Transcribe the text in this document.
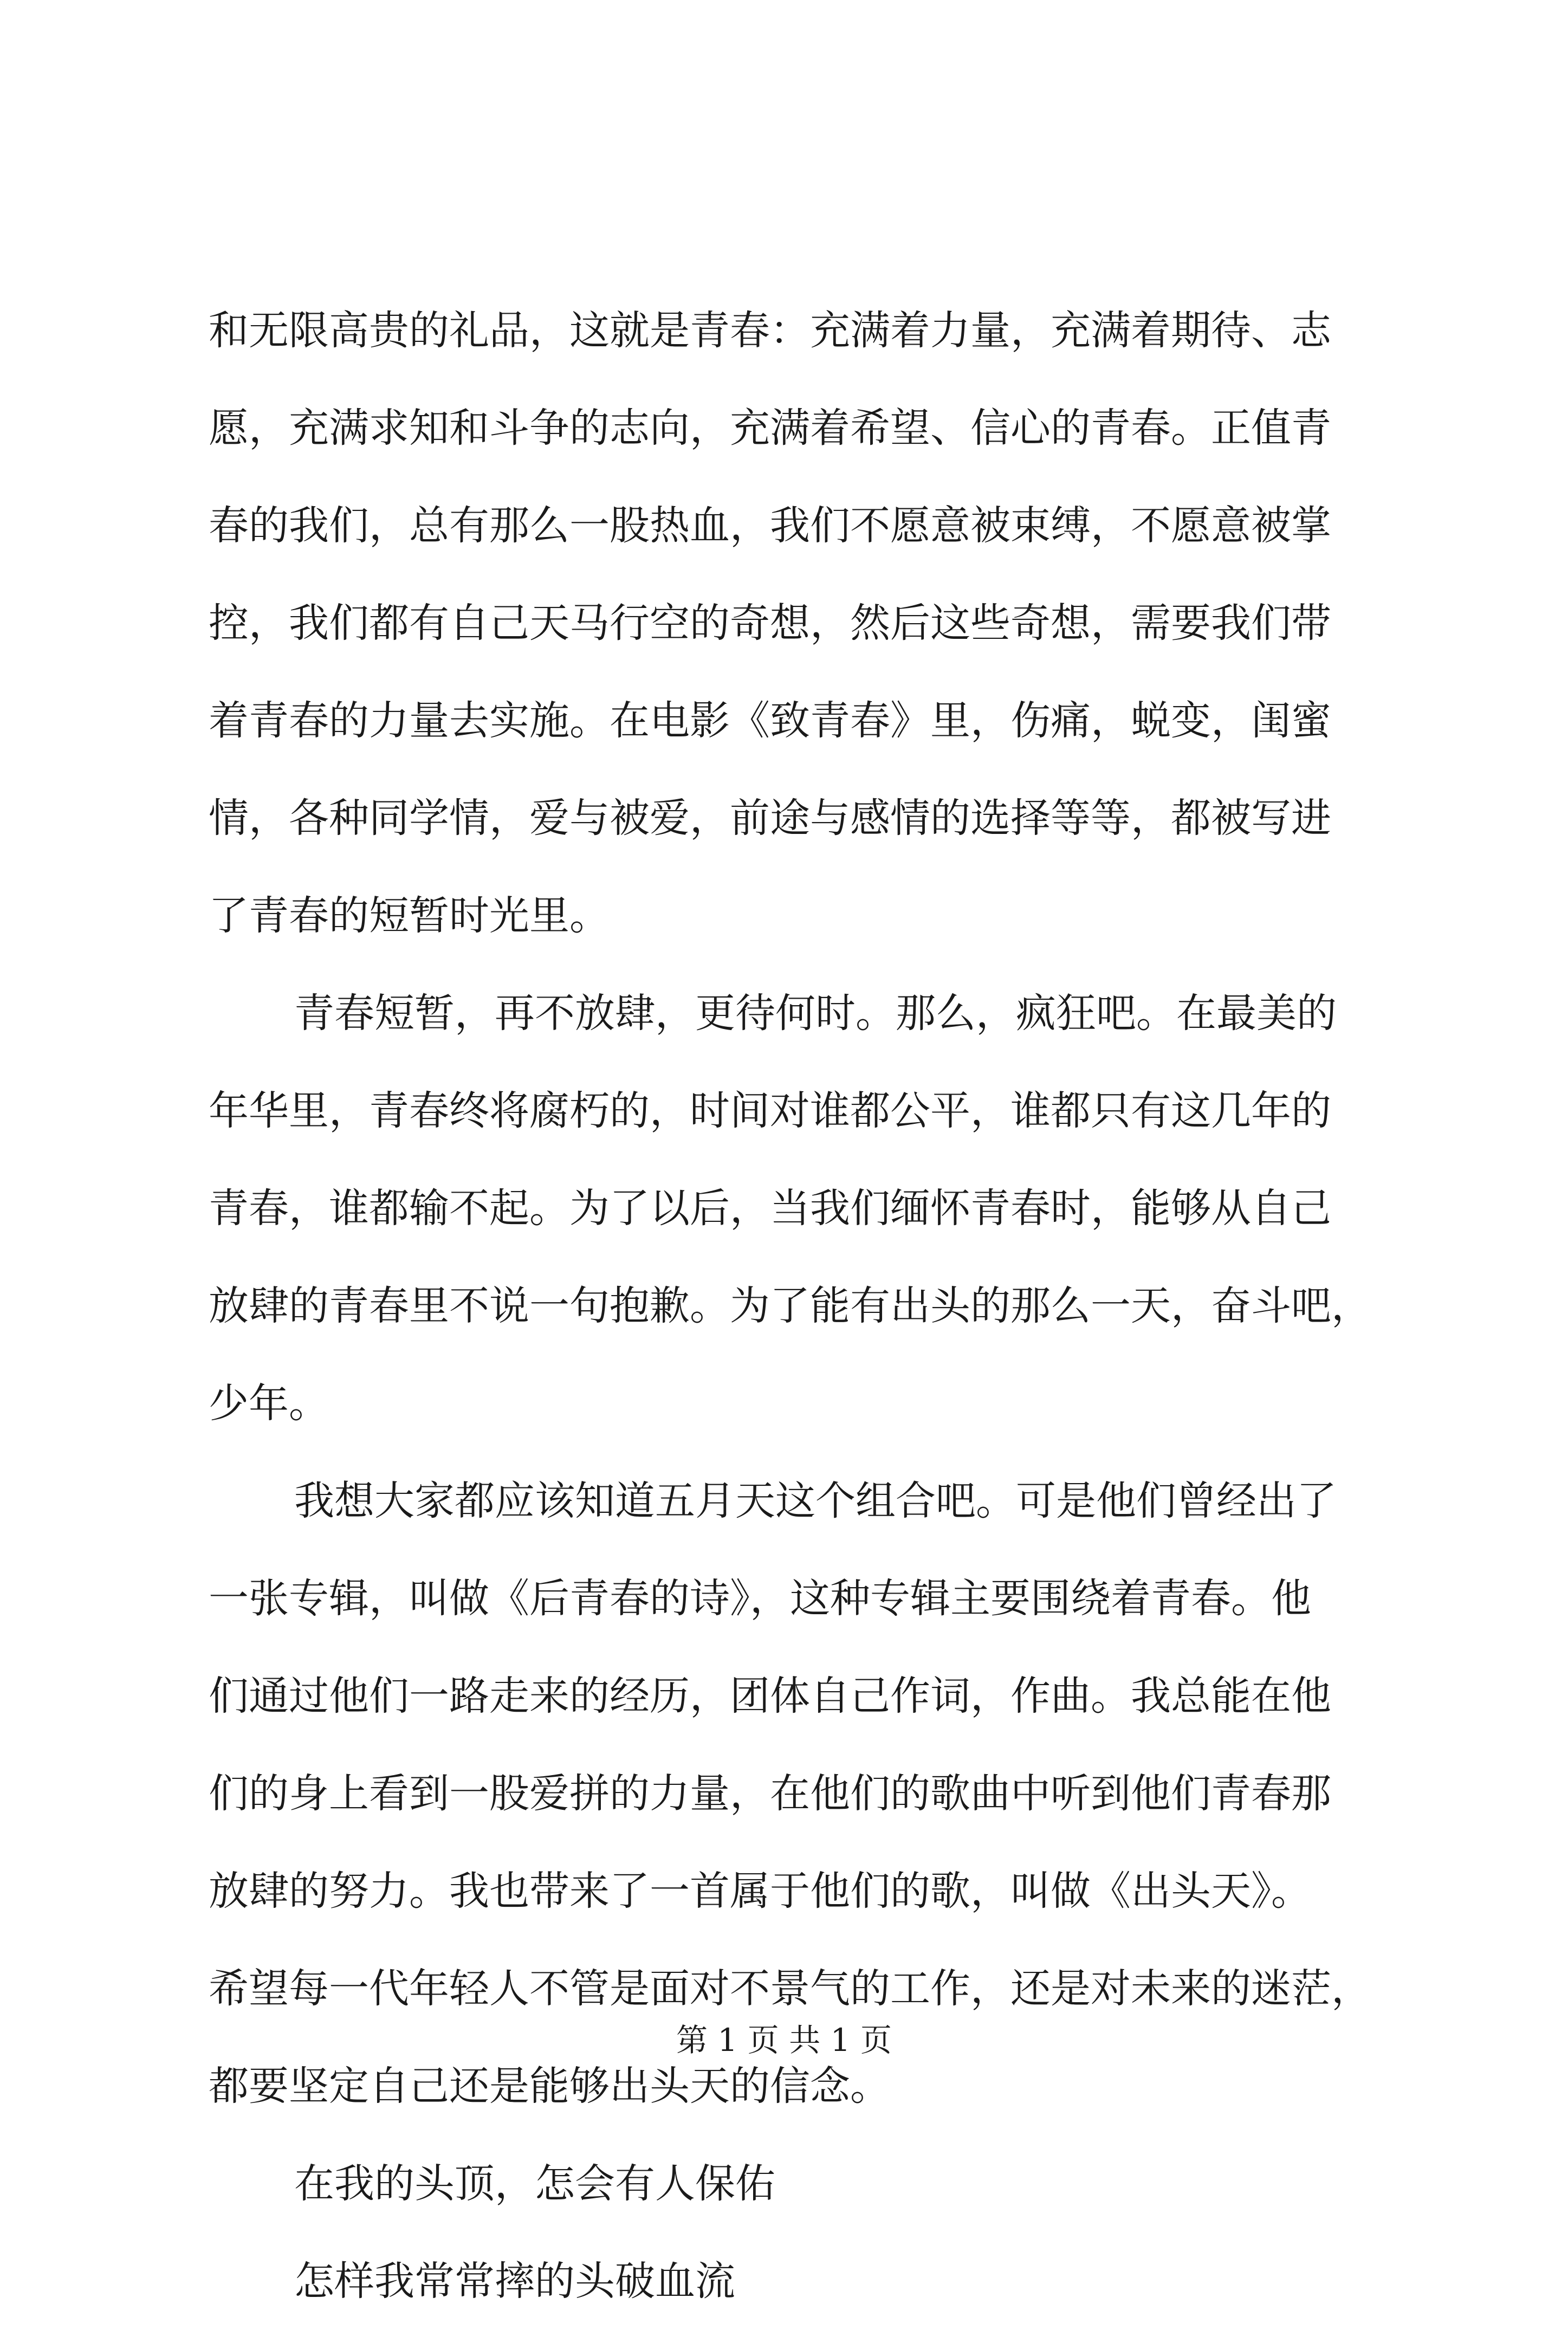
和无限高贵的礼品，这就是青春：充满着力量，充满着期待、志
愿，充满求知和斗争的志向，充满着希望、信心的青春。正值青
春的我们，总有那么一股热血，我们不愿意被束缚，不愿意被掌
控，我们都有自己天马行空的奇想，然后这些奇想，需要我们带
着青春的力量去实施。在电影《致青春》里，伤痛，蜕变，闺蜜
情，各种同学情，爱与被爱，前途与感情的选择等等，都被写进
了青春的短暂时光里。
青春短暂，再不放肆，更待何时。那么，疯狂吧。在最美的
年华里，青春终将腐朽的，时间对谁都公平，谁都只有这几年的
青春，谁都输不起。为了以后，当我们缅怀青春时，能够从自己
放肆的青春里不说一句抱歉。为了能有出头的那么一天，奋斗吧，
少年。
我想大家都应该知道五月天这个组合吧。可是他们曾经出了
一张专辑，叫做《后青春的诗》，这种专辑主要围绕着青春。他
们通过他们一路走来的经历，团体自己作词，作曲。我总能在他
们的身上看到一股爱拼的力量，在他们的歌曲中听到他们青春那
放肆的努力。我也带来了一首属于他们的歌，叫做《出头天》。
希望每一代年轻人不管是面对不景气的工作，还是对未来的迷茫，
都要坚定自己还是能够出头天的信念。
在我的头顶，怎会有人保佑
怎样我常常摔的头破血流
第 1 页 共 1 页
